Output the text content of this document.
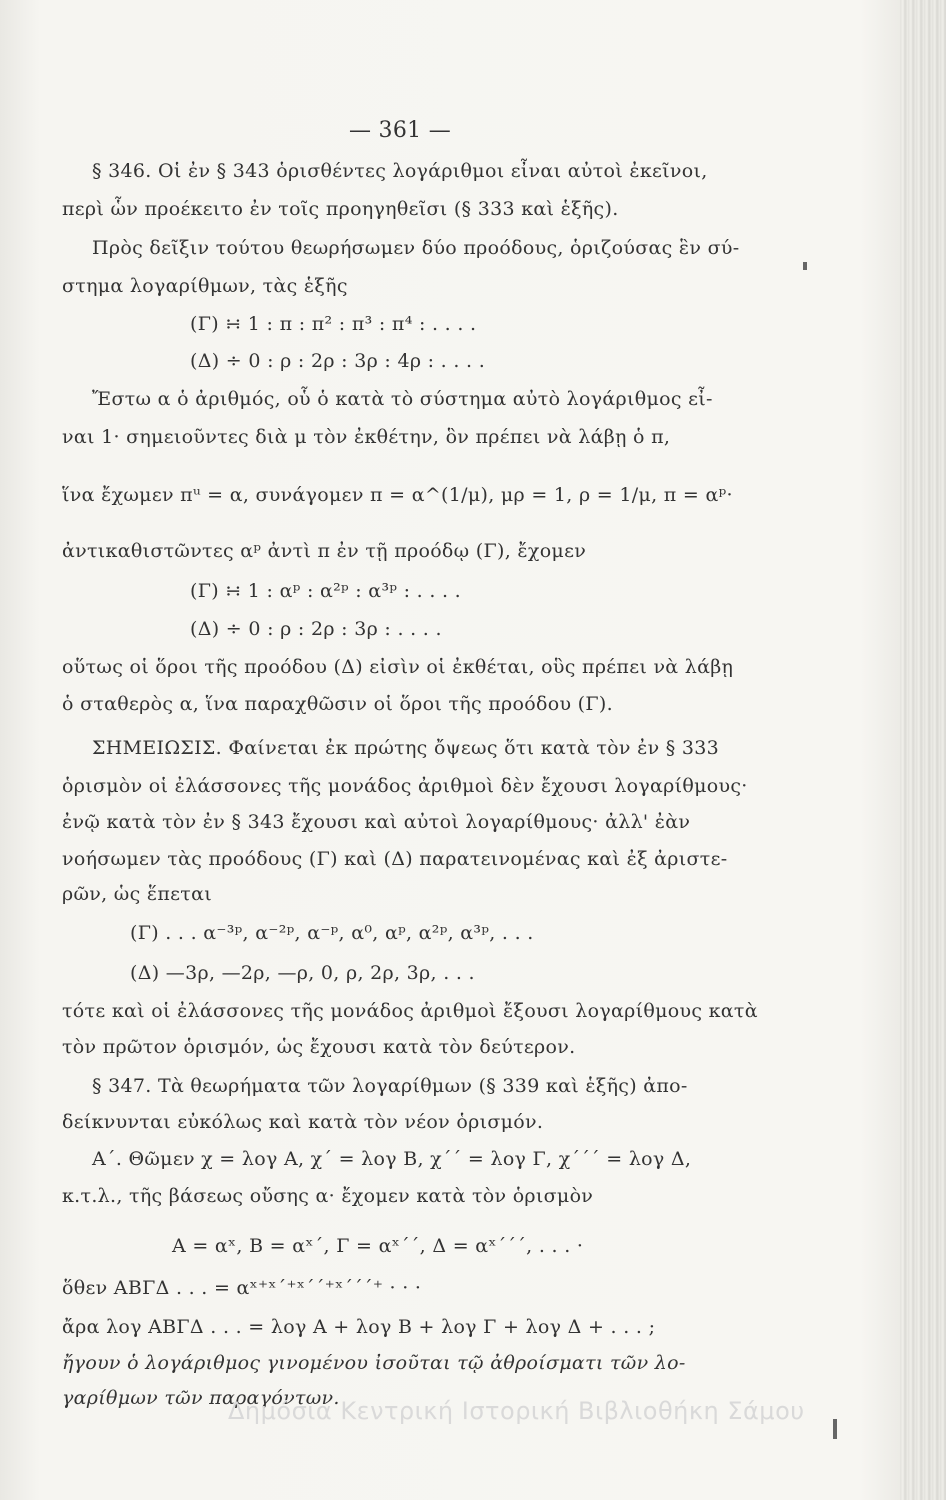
— 361 —
§ 346. Οἱ ἐν § 343 ὁρισθέντες λογάριθμοι εἶναι αὐτοὶ ἐκεῖνοι,
περὶ ὧν προέκειτο ἐν τοῖς προηγηθεῖσι (§ 333 καὶ ἑξῆς).
Πρὸς δεῖξιν τούτου θεωρήσωμεν δύο προόδους, ὁριζούσας ἓν σύ-
στημα λογαρίθμων, τὰς ἑξῆς
(Γ) ∺ 1 : π : π² : π³ : π⁴ : . . . .
(Δ) ÷ 0 : ρ : 2ρ : 3ρ : 4ρ : . . . .
Ἔστω α ὁ ἀριθμός, οὗ ὁ κατὰ τὸ σύστημα αὐτὸ λογάριθμος εἶ-
ναι 1· σημειοῦντες διὰ μ τὸν ἐκθέτην, ὃν πρέπει νὰ λάβῃ ὁ π,
ἵνα ἔχωμεν πᵘ = α, συνάγομεν π = α^(1/μ), μρ = 1, ρ = 1/μ, π = αᵖ·
ἀντικαθιστῶντες αᵖ ἀντὶ π ἐν τῇ προόδῳ (Γ), ἔχομεν
(Γ) ∺ 1 : αᵖ : α²ᵖ : α³ᵖ : . . . .
(Δ) ÷ 0 : ρ : 2ρ : 3ρ : . . . .
οὕτως οἱ ὅροι τῆς προόδου (Δ) εἰσὶν οἱ ἐκθέται, οὓς πρέπει νὰ λάβῃ
ὁ σταθερὸς α, ἵνα παραχθῶσιν οἱ ὅροι τῆς προόδου (Γ).
ΣΗΜΕΙΩΣΙΣ. Φαίνεται ἐκ πρώτης ὄψεως ὅτι κατὰ τὸν ἐν § 333
ὁρισμὸν οἱ ἐλάσσονες τῆς μονάδος ἀριθμοὶ δὲν ἔχουσι λογαρίθμους·
ἐνῷ κατὰ τὸν ἐν § 343 ἔχουσι καὶ αὐτοὶ λογαρίθμους· ἀλλ' ἐὰν
νοήσωμεν τὰς προόδους (Γ) καὶ (Δ) παρατεινομένας καὶ ἐξ ἀριστε-
ρῶν, ὡς ἕπεται
(Γ) . . . α⁻³ᵖ, α⁻²ᵖ, α⁻ᵖ, α⁰, αᵖ, α²ᵖ, α³ᵖ, . . .
(Δ) —3ρ, —2ρ, —ρ, 0, ρ, 2ρ, 3ρ, . . .
τότε καὶ οἱ ἐλάσσονες τῆς μονάδος ἀριθμοὶ ἔξουσι λογαρίθμους κατὰ
τὸν πρῶτον ὁρισμόν, ὡς ἔχουσι κατὰ τὸν δεύτερον.
§ 347. Τὰ θεωρήματα τῶν λογαρίθμων (§ 339 καὶ ἑξῆς) ἀπο-
δείκνυνται εὐκόλως καὶ κατὰ τὸν νέον ὁρισμόν.
Α΄. Θῶμεν χ = λογ Α, χ΄ = λογ Β, χ΄΄ = λογ Γ, χ΄΄΄ = λογ Δ,
κ.τ.λ., τῆς βάσεως οὔσης α· ἔχομεν κατὰ τὸν ὁρισμὸν
Α = αˣ, Β = αˣ΄, Γ = αˣ΄΄, Δ = αˣ΄΄΄, . . . ·
ὅθεν ΑΒΓΔ . . . = αˣ⁺ˣ΄⁺ˣ΄΄⁺ˣ΄΄΄⁺ · · ·
ἄρα λογ ΑΒΓΔ . . . = λογ Α + λογ Β + λογ Γ + λογ Δ + . . . ;
ἤγουν ὁ λογάριθμος γινομένου ἰσοῦται τῷ ἀθροίσματι τῶν λο-
γαρίθμων τῶν παραγόντων.
Δημόσια Κεντρική Ιστορική Βιβλιοθήκη Σάμου
